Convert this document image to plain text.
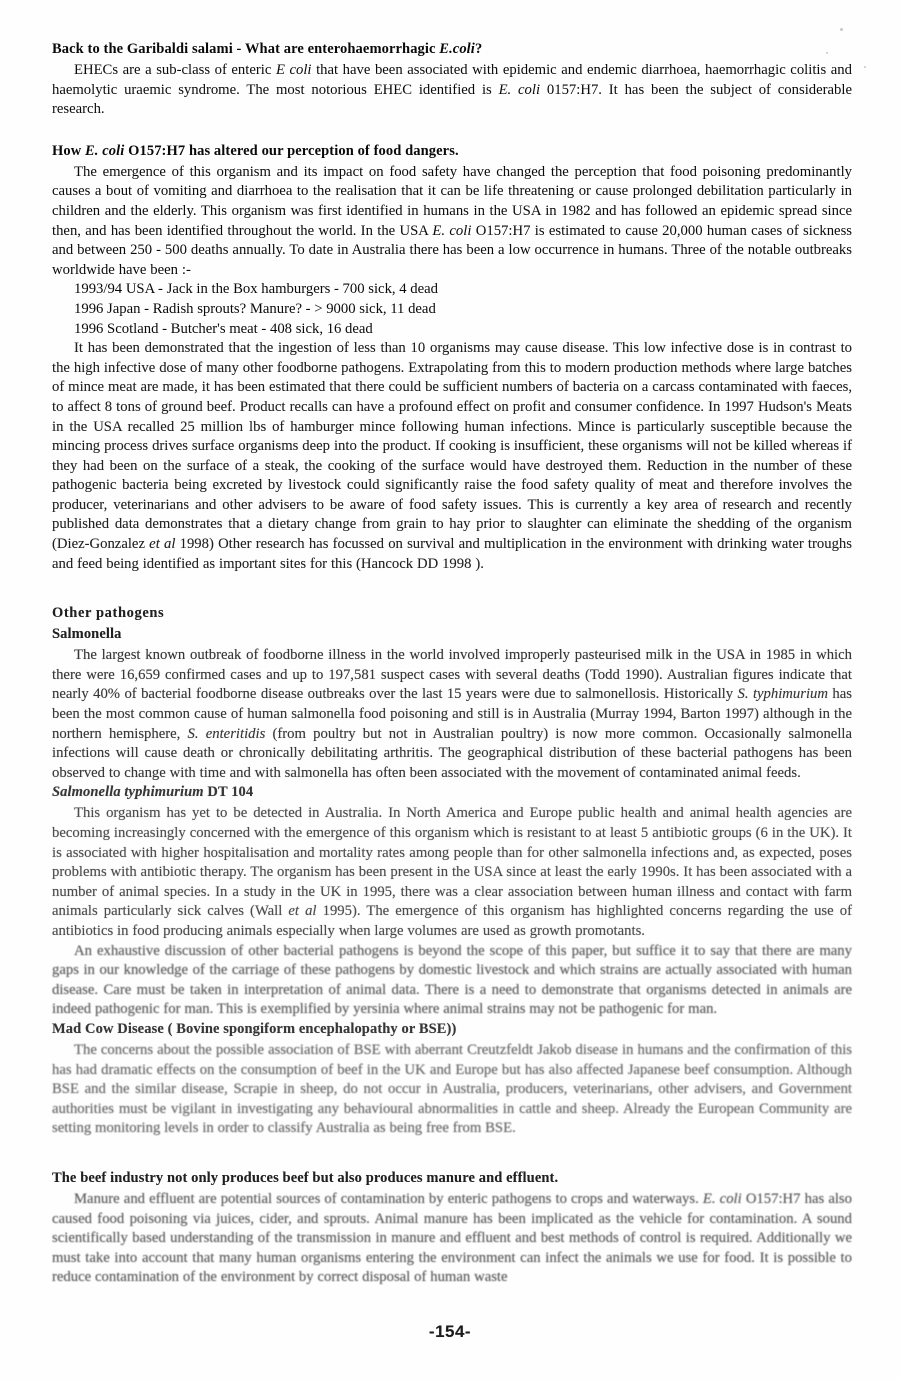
Back to the Garibaldi salami - What are enterohaemorrhagic E.coli?

EHECs are a sub-class of enteric E coli that have been associated with epidemic and endemic diarrhoea, haemorrhagic colitis and haemolytic uraemic syndrome. The most notorious EHEC identified is E. coli 0157:H7. It has been the subject of considerable research.

How E. coli O157:H7 has altered our perception of food dangers.

The emergence of this organism and its impact on food safety have changed the perception that food poisoning predominantly causes a bout of vomiting and diarrhoea to the realisation that it can be life threatening or cause prolonged debilitation particularly in children and the elderly. This organism was first identified in humans in the USA in 1982 and has followed an epidemic spread since then, and has been identified throughout the world. In the USA E. coli O157:H7 is estimated to cause 20,000 human cases of sickness and between 250 - 500 deaths annually. To date in Australia there has been a low occurrence in humans. Three of the notable outbreaks worldwide have been :-

1993/94 USA - Jack in the Box hamburgers - 700 sick, 4 dead
1996 Japan - Radish sprouts? Manure? - > 9000 sick, 11 dead
1996 Scotland - Butcher's meat - 408 sick, 16 dead

It has been demonstrated that the ingestion of less than 10 organisms may cause disease. This low infective dose is in contrast to the high infective dose of many other foodborne pathogens. Extrapolating from this to modern production methods where large batches of mince meat are made, it has been estimated that there could be sufficient numbers of bacteria on a carcass contaminated with faeces, to affect 8 tons of ground beef. Product recalls can have a profound effect on profit and consumer confidence. In 1997 Hudson's Meats in the USA recalled 25 million lbs of hamburger mince following human infections. Mince is particularly susceptible because the mincing process drives surface organisms deep into the product. If cooking is insufficient, these organisms will not be killed whereas if they had been on the surface of a steak, the cooking of the surface would have destroyed them. Reduction in the number of these pathogenic bacteria being excreted by livestock could significantly raise the food safety quality of meat and therefore involves the producer, veterinarians and other advisers to be aware of food safety issues. This is currently a key area of research and recently published data demonstrates that a dietary change from grain to hay prior to slaughter can eliminate the shedding of the organism (Diez-Gonzalez et al 1998) Other research has focussed on survival and multiplication in the environment with drinking water troughs and feed being identified as important sites for this (Hancock DD 1998 ).

Other pathogens
Salmonella

The largest known outbreak of foodborne illness in the world involved improperly pasteurised milk in the USA in 1985 in which there were 16,659 confirmed cases and up to 197,581 suspect cases with several deaths (Todd 1990). Australian figures indicate that nearly 40% of bacterial foodborne disease outbreaks over the last 15 years were due to salmonellosis. Historically S. typhimurium has been the most common cause of human salmonella food poisoning and still is in Australia (Murray 1994, Barton 1997) although in the northern hemisphere, S. enteritidis (from poultry but not in Australian poultry) is now more common. Occasionally salmonella infections will cause death or chronically debilitating arthritis. The geographical distribution of these bacterial pathogens has been observed to change with time and with salmonella has often been associated with the movement of contaminated animal feeds.

Salmonella typhimurium DT 104

This organism has yet to be detected in Australia. In North America and Europe public health and animal health agencies are becoming increasingly concerned with the emergence of this organism which is resistant to at least 5 antibiotic groups (6 in the UK). It is associated with higher hospitalisation and mortality rates among people than for other salmonella infections and, as expected, poses problems with antibiotic therapy. The organism has been present in the USA since at least the early 1990s. It has been associated with a number of animal species. In a study in the UK in 1995, there was a clear association between human illness and contact with farm animals particularly sick calves (Wall et al 1995). The emergence of this organism has highlighted concerns regarding the use of antibiotics in food producing animals especially when large volumes are used as growth promotants.

An exhaustive discussion of other bacterial pathogens is beyond the scope of this paper, but suffice it to say that there are many gaps in our knowledge of the carriage of these pathogens by domestic livestock and which strains are actually associated with human disease. Care must be taken in interpretation of animal data. There is a need to demonstrate that organisms detected in animals are indeed pathogenic for man. This is exemplified by yersinia where animal strains may not be pathogenic for man.

Mad Cow Disease ( Bovine spongiform encephalopathy or BSE))

The concerns about the possible association of BSE with aberrant Creutzfeldt Jakob disease in humans and the confirmation of this has had dramatic effects on the consumption of beef in the UK and Europe but has also affected Japanese beef consumption. Although BSE and the similar disease, Scrapie in sheep, do not occur in Australia, producers, veterinarians, other advisers, and Government authorities must be vigilant in investigating any behavioural abnormalities in cattle and sheep. Already the European Community are setting monitoring levels in order to classify Australia as being free from BSE.

The beef industry not only produces beef but also produces manure and effluent.

Manure and effluent are potential sources of contamination by enteric pathogens to crops and waterways. E. coli O157:H7 has also caused food poisoning via juices, cider, and sprouts. Animal manure has been implicated as the vehicle for contamination. A sound scientifically based understanding of the transmission in manure and effluent and best methods of control is required. Additionally we must take into account that many human organisms entering the environment can infect the animals we use for food. It is possible to reduce contamination of the environment by correct disposal of human waste

-154-
